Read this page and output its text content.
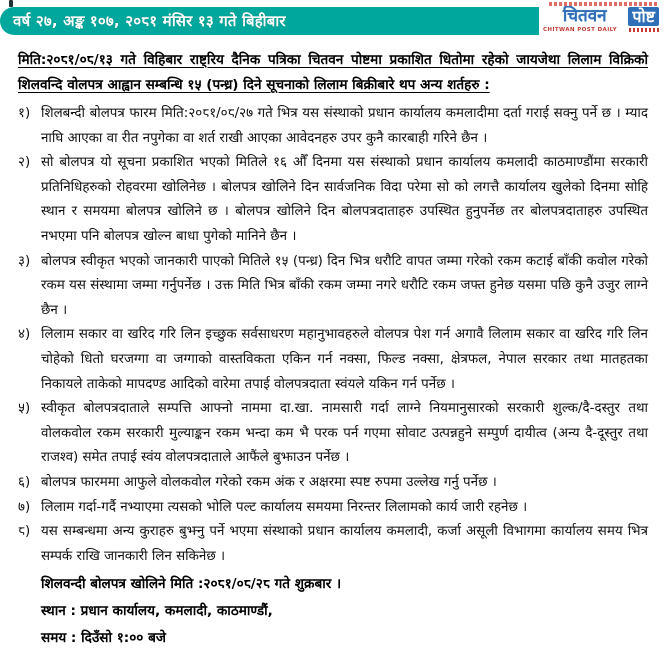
वर्ष २७, अङ्क १०७, २०८१ मंसिर १३ गते बिहीबार	चितवन	पोष्ट
CHITWAN POST DAILY

मिति:२०८१/०८/१३ गते विहिबार राष्ट्रिय दैनिक पत्रिका चितवन पोष्टमा प्रकाशित धितोमा रहेको जायजेथा लिलाम विक्रिको शिलवन्दि वोलपत्र आह्वान सम्बन्धि १५ (पन्ध्र) दिने सूचनाको लिलाम बिक्रीबारे थप अन्य शर्तहरु :

१) शिलबन्दी बोलपत्र फारम मिति:२०८१/०८/२७ गते भित्र यस संस्थाको प्रधान कार्यालय कमलादीमा दर्ता गराई सक्नु पर्ने छ । म्याद नाघि आएका वा रीत नपुगेका वा शर्त राखी आएका आवेदनहरु उपर कुनै कारबाही गरिने छैन ।
२) सो बोलपत्र यो सूचना प्रकाशित भएको मितिले १६ औँ दिनमा यस संस्थाको प्रधान कार्यालय कमलादी काठमाण्डौंमा सरकारी प्रतिनिधिहरुको रोहवरमा खोलिनेछ । बोलपत्र खोलिने दिन सार्वजनिक विदा परेमा सो को लगत्तै कार्यालय खुलेको दिनमा सोहि स्थान र समयमा बोलपत्र खोलिने छ । बोलपत्र खोलिने दिन बोलपत्रदाताहरु उपस्थित हुनुपर्नेछ तर बोलपत्रदाताहरु उपस्थित नभएमा पनि बोलपत्र खोल्न बाधा पुगेको मानिने छैन ।
३) बोलपत्र स्वीकृत भएको जानकारी पाएको मितिले १५ (पन्ध्र) दिन भित्र धरौटि वापत जम्मा गरेको रकम कटाई बाँकी कवोल गरेको रकम यस संस्थामा जम्मा गर्नुपर्नेछ । उक्त मिति भित्र बाँकी रकम जम्मा नगरे धरौटि रकम जफ्त हुनेछ यसमा पछि कुनै उजुर लाग्ने छैन ।
४) लिलाम सकार वा खरिद गरि लिन इच्छुक सर्वसाधरण महानुभावहरुले वोलपत्र पेश गर्न अगावै लिलाम सकार वा खरिद गरि लिन चोहेको धितो घरजग्गा वा जग्गाको वास्तविकता एकिन गर्न नक्सा, फिल्ड नक्सा, क्षेत्रफल, नेपाल सरकार तथा मातहतका निकायले ताकेको मापदण्ड आदिको वारेमा तपाई वोलपत्रदाता स्वंयले यकिन गर्न पर्नेछ ।
५) स्वीकृत बोलपत्रदाताले सम्पत्ति आफ्नो नाममा दा.खा. नामसारी गर्दा लाग्ने नियमानुसारको सरकारी शुल्क/दै-दस्तुर तथा वोलकवोल रकम सरकारी मुल्याङ्कन रकम भन्दा कम भै परक पर्न गएमा सोवाट उत्पन्नहुने सम्पुर्ण दायीत्व (अन्य दै-दूस्तुर तथा राजश्व) समेत तपाई स्वंय वोलपत्रदाताले आफैंले बुझाउन पर्नेछ ।
६) बोलपत्र फारममा आफुले वोलकवोल गरेको रकम अंक र अक्षरमा स्पष्ट रुपमा उल्लेख गर्नु पर्नेछ ।
७) लिलाम गर्दा-गर्दै नभ्याएमा त्यसको भोलि पल्ट कार्यालय समयमा निरन्तर लिलामको कार्य जारी रहनेछ ।
८) यस सम्बन्धमा अन्य कुराहरु बुझ्नु पर्ने भएमा संस्थाको प्रधान कार्यालय कमलादी, कर्जा असूली विभागमा कार्यालय समय भित्र सम्पर्क राखि जानकारी लिन सकिनेछ ।

शिलवन्दी बोलपत्र खोलिने मिति :२०८१/०८/२८ गते शुक्रबार ।

स्थान : प्रधान कार्यालय, कमलादी, काठमाण्डौं,

समय : दिउँसो १:०० बजे
